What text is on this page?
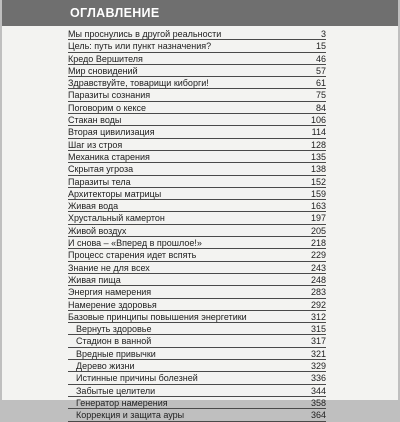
ОГЛАВЛЕНИЕ
Мы проснулись в другой реальности	3
Цель: путь или пункт назначения?	15
Кредо Вершителя	46
Мир сновидений	57
Здравствуйте, товарищи киборги!	61
Паразиты сознания	75
Поговорим о кексе	84
Стакан воды	106
Вторая цивилизация	114
Шаг из строя	128
Механика старения	135
Скрытая угроза	138
Паразиты тела	152
Архитекторы матрицы	159
Живая вода	163
Хрустальный камертон	197
Живой воздух	205
И снова – «Вперед в прошлое!»	218
Процесс старения идет вспять	229
Знание не для всех	243
Живая пища	248
Энергия намерения	283
Намерение здоровья	292
Базовые принципы повышения энергетики	312
Вернуть здоровье	315
Стадион в ванной	317
Вредные привычки	321
Дерево жизни	329
Истинные причины болезней	336
Забытые целители	344
Генератор намерения	358
Коррекция и защита ауры	364
